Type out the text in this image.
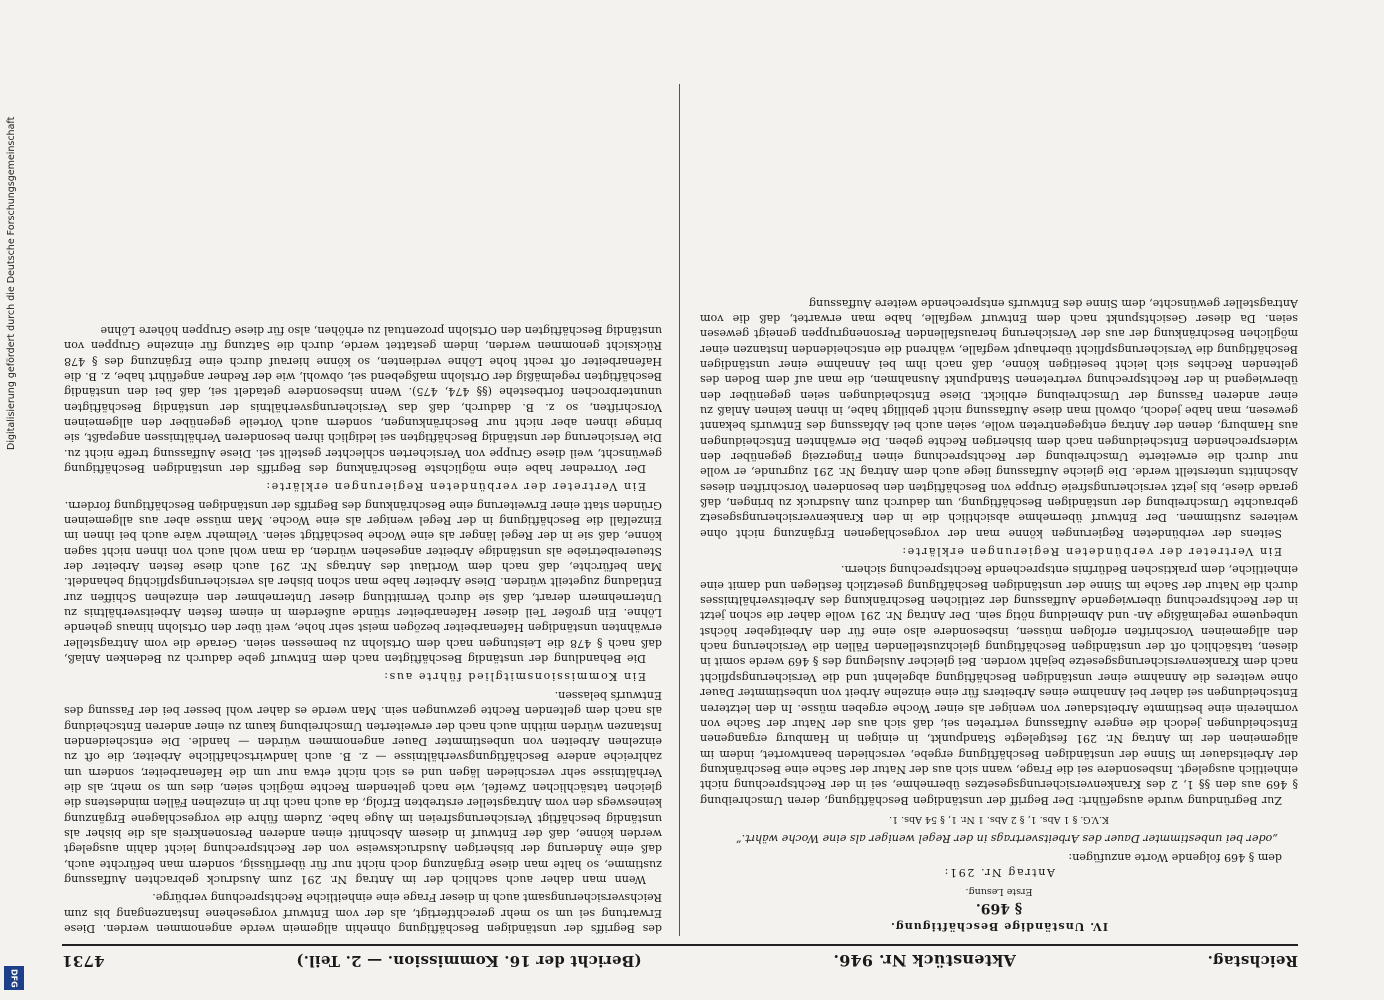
Reichstag.
Aktenstück Nr. 946.
(Bericht der 16. Kommission. — 2. Teil.)
4731
IV. Unständige Beschäftigung.
§ 469.
Erste Lesung.
Antrag Nr. 291:

dem § 469 folgende Worte anzufügen:

„oder bei unbestimmter Dauer des Arbeitsvertrags in der Regel weniger als eine Woche währt.“

K.V.G. § 1 Abs. 1, § 2 Abs. 1 Nr. 1, § 54 Abs. 1.

Zur Begründung wurde ausgeführt: Der Begriff der unständigen Beschäftigung, deren Umschreibung § 469 aus den §§ 1, 2 des Krankenversicherungsgesetzes übernehme, sei in der Rechtsprechung nicht einheitlich ausgelegt. Insbesondere sei die Frage, wann sich aus der Natur der Sache eine Beschränkung der Arbeitsdauer im Sinne der unständigen Beschäftigung ergebe, verschieden beantwortet, indem im allgemeinen der im Antrag Nr. 291 festgelegte Standpunkt, in einigen in Hamburg ergangenen Entscheidungen jedoch die engere Auffassung vertreten sei, daß sich aus der Natur der Sache von vornherein eine bestimmte Arbeitsdauer von weniger als einer Woche ergeben müsse. In den letzteren Entscheidungen sei daher bei Annahme eines Arbeiters für eine einzelne Arbeit von unbestimmter Dauer ohne weiteres die Annahme einer unständigen Beschäftigung abgelehnt und die Versicherungspflicht nach dem Krankenversicherungsgesetze bejaht worden. Bei gleicher Auslegung des § 469 werde somit in diesen, tatsächlich oft der unständigen Beschäftigung gleichzustellenden Fällen die Versicherung nach den allgemeinen Vorschriften erfolgen müssen, insbesondere also eine für den Arbeitgeber höchst unbequeme regelmäßige An- und Abmeldung nötig sein. Der Antrag Nr. 291 wolle daher die schon jetzt in der Rechtsprechung überwiegende Auffassung der zeitlichen Beschränkung des Arbeitsverhältnisses durch die Natur der Sache im Sinne der unständigen Beschäftigung gesetzlich festlegen und damit eine einheitliche, dem praktischen Bedürfnis entsprechende Rechtsprechung sichern.

Ein Vertreter der verbündeten Regierungen erklärte:

Seitens der verbündeten Regierungen könne man der vorgeschlagenen Ergänzung nicht ohne weiteres zustimmen. Der Entwurf übernehme absichtlich die in den Krankenversicherungsgesetz gebrauchte Umschreibung der unständigen Beschäftigung, um dadurch zum Ausdruck zu bringen, daß gerade diese, bis jetzt versicherungsfreie Gruppe von Beschäftigten den besonderen Vorschriften dieses Abschnitts unterstellt werde. Die gleiche Auffassung liege auch dem Antrag Nr. 291 zugrunde, er wolle nur durch die erweiterte Umschreibung der Rechtsprechung einen Fingerzeig gegenüber den widersprechenden Entscheidungen nach dem bisherigen Rechte geben. Die erwähnten Entscheidungen aus Hamburg, denen der Antrag entgegentreten wolle, seien auch bei Abfassung des Entwurfs bekannt gewesen, man habe jedoch, obwohl man diese Auffassung nicht gebilligt habe, in ihnen keinen Anlaß zu einer anderen Fassung der Umschreibung erblickt. Diese Entscheidungen seien gegenüber den überwiegend in der Rechtsprechung vertretenen Standpunkt Ausnahmen, die man auf dem Boden des geltenden Rechtes sich leicht beseitigen könne, daß nach ihm bei Annahme einer unständigen Beschäftigung die Versicherungspflicht überhaupt wegfalle, während die entscheidenden Instanzen einer möglichen Beschränkung der aus der Versicherung herausfallenden Personengruppen geneigt gewesen seien. Da dieser Gesichtspunkt nach dem Entwurf wegfalle, habe man erwartet, daß die vom Antragsteller gewünschte, dem Sinne des Entwurfs entsprechende weitere Auffassung

des Begriffs der unständigen Beschäftigung ohnehin allgemein werde angenommen werden. Diese Erwartung sei um so mehr gerechtfertigt, als der vom Entwurf vorgesehene Instanzengang bis zum Reichsversicherungsamt auch in dieser Frage eine einheitliche Rechtsprechung verbürge.

Wenn man daher auch sachlich der im Antrag Nr. 291 zum Ausdruck gebrachten Auffassung zustimme, so halte man diese Ergänzung doch nicht nur für überflüssig, sondern man befürchte auch, daß eine Änderung der bisherigen Ausdrucksweise von der Rechtsprechung leicht dahin ausgelegt werden könne, daß der Entwurf in diesem Abschnitt einen anderen Personenkreis als die bisher als unständig beschäftigt Versicherungsfreien im Auge habe. Zudem führe die vorgeschlagene Ergänzung keineswegs den vom Antragsteller erstrebten Erfolg, da auch nach ihr in einzelnen Fällen mindestens die gleichen tatsächlichen Zweifel, wie nach geltendem Rechte möglich seien, dies um so mehr, als die Verhältnisse sehr verschieden lägen und es sich nicht etwa nur um die Hafenarbeiter, sondern um zahlreiche andere Beschäftigungsverhältnisse — z. B. auch landwirtschaftliche Arbeiter, die oft zu einzelnen Arbeiten von unbestimmter Dauer angenommen würden — handle. Die entscheidenden Instanzen würden mithin auch nach der erweiterten Umschreibung kaum zu einer anderen Entscheidung als nach dem geltenden Rechte gezwungen sein. Man werde es daher wohl besser bei der Fassung des Entwurfs belassen.

Ein Kommissionsmitglied führte aus:

Die Behandlung der unständig Beschäftigten nach dem Entwurf gebe dadurch zu Bedenken Anlaß, daß nach § 478 die Leistungen nach dem Ortslohn zu bemessen seien. Gerade die vom Antragsteller erwähnten unständigen Hafenarbeiter bezögen meist sehr hohe, weit über den Ortslohn hinaus gehende Löhne. Ein großer Teil dieser Hafenarbeiter stünde außerdem in einem festen Arbeitsverhältnis zu Unternehmern derart, daß sie durch Vermittlung dieser Unternehmer den einzelnen Schiffen zur Entladung zugeteilt würden. Diese Arbeiter habe man schon bisher als versicherungspflichtig behandelt. Man befürchte, daß nach dem Wortlaut des Antrags Nr. 291 auch diese festen Arbeiter der Steuereibetriebe als unständige Arbeiter angesehen würden, da man wohl auch von ihnen nicht sagen könne, daß sie in der Regel länger als eine Woche beschäftigt seien. Vielmehr wäre auch bei ihnen im Einzelfall die Beschäftigung in der Regel weniger als eine Woche. Man müsse aber aus allgemeinen Gründen statt einer Erweiterung eine Beschränkung des Begriffs der unständigen Beschäftigung fordern.

Ein Vertreter der verbündeten Regierungen erklärte:

Der Vorredner habe eine möglichste Beschränkung des Begriffs der unständigen Beschäftigung gewünscht, weil diese Gruppe von Versicherten schlechter gestellt sei. Diese Auffassung treffe nicht zu. Die Versicherung der unständig Beschäftigten sei lediglich ihren besonderen Verhältnissen angepaßt, sie bringe ihnen aber nicht nur Beschränkungen, sondern auch Vorteile gegenüber den allgemeinen Vorschriften, so z. B. dadurch, daß das Versicherungsverhältnis der unständig Beschäftigten ununterbrochen fortbestehe (§§ 474, 475). Wenn insbesondere getadelt sei, daß bei den unständig Beschäftigten regelmäßig der Ortslohn maßgebend sei, obwohl, wie der Redner angeführt habe, z. B. die Hafenarbeiter oft recht hohe Löhne verdienten, so könne hierauf durch eine Ergänzung des § 478 Rücksicht genommen werden, indem gestattet werde, durch die Satzung für einzelne Gruppen von unständig Beschäftigten den Ortslohn prozentual zu erhöhen, also für diese Gruppen höhere Löhne

Digitalisierung gefördert durch die Deutsche Forschungsgemeinschaft
DFG
